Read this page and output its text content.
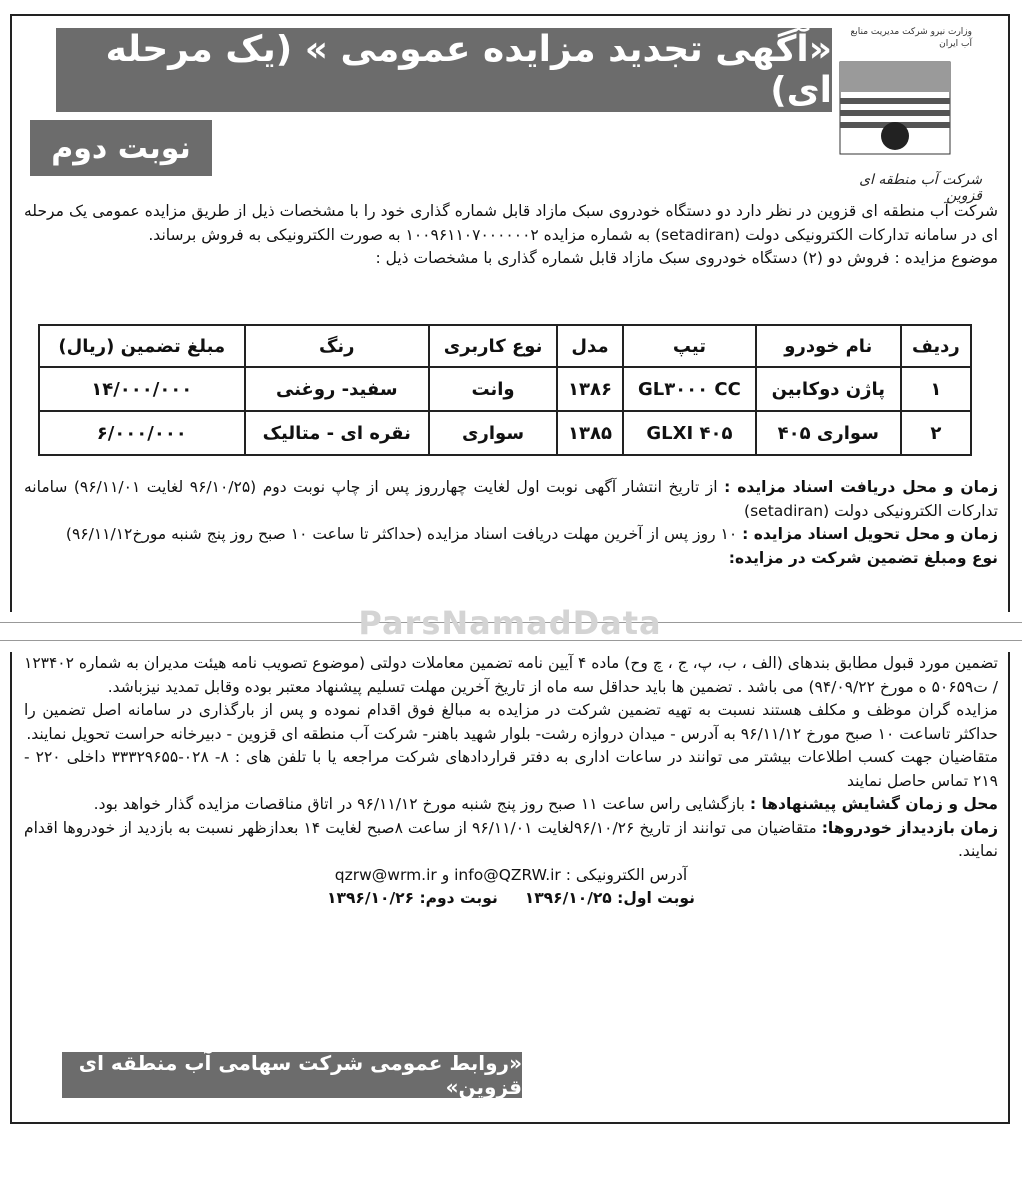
«آگهی تجدید مزایده عمومی » (یک مرحله ای)
وزارت نیرو شرکت مدیریت منابع آب ایران
شرکت آب منطقه ای قزوین
نوبت دوم
شرکت آب منطقه ای قزوین در نظر دارد دو دستگاه خودروی سبک مازاد قابل شماره گذاری خود را با مشخصات ذیل از طریق مزایده عمومی یک مرحله ای در سامانه تدارکات الکترونیکی دولت (setadiran) به شماره مزایده ۱۰۰۹۶۱۱۰۷۰۰۰۰۰۰۲ به صورت الکترونیکی به فروش برساند.
موضوع مزایده : فروش دو (۲) دستگاه خودروی سبک مازاد قابل شماره گذاری با مشخصات ذیل :
ردیف	نام خودرو	تیپ	مدل	نوع کاربری	رنگ	مبلغ تضمین (ریال)
۱	پاژن دوکابین	GL۳۰۰۰ CC	۱۳۸۶	وانت	سفید- روغنی	۱۴/۰۰۰/۰۰۰
۲	سواری ۴۰۵	۴۰۵ GLXI	۱۳۸۵	سواری	نقره ای - متالیک	۶/۰۰۰/۰۰۰
زمان و محل دریافت اسناد مزایده : از تاریخ انتشار آگهی نوبت اول لغایت چهارروز پس از چاپ نوبت دوم (۹۶/۱۰/۲۵ لغایت ۹۶/۱۱/۰۱) سامانه تدارکات الکترونیکی دولت (setadiran)
زمان و محل تحویل اسناد مزایده : ۱۰ روز پس از آخرین مهلت دریافت اسناد مزایده (حداکثر تا ساعت ۱۰ صبح روز پنج شنبه مورخ۹۶/۱۱/۱۲)
نوع ومبلغ تضمین شرکت در مزایده:
ParsNamadData
تضمین مورد قبول مطابق بندهای (الف ، ب، پ، ج ، چ وح) ماده ۴ آیین نامه تضمین معاملات دولتی (موضوع تصویب نامه هیئت مدیران به شماره ۱۲۳۴۰۲ / ت۵۰۶۵۹ ه مورخ ۹۴/۰۹/۲۲) می باشد . تضمین ها باید حداقل سه ماه از تاریخ آخرین مهلت تسلیم پیشنهاد معتبر بوده وقابل تمدید نیزباشد.
مزایده گران موظف و مکلف هستند نسبت به تهیه تضمین شرکت در مزایده به مبالغ فوق اقدام نموده و پس از بارگذاری در سامانه اصل تضمین را حداکثر تاساعت ۱۰ صبح مورخ ۹۶/۱۱/۱۲ به آدرس - میدان دروازه رشت- بلوار شهید باهنر- شرکت آب منطقه ای قزوین - دبیرخانه حراست تحویل نمایند.
متقاضیان جهت کسب اطلاعات بیشتر می توانند در ساعات اداری به دفتر قراردادهای شرکت مراجعه یا با تلفن های : ۸- ۰۲۸-۳۳۳۲۹۶۵۵ داخلی ۲۲۰ - ۲۱۹ تماس حاصل نمایند
محل و زمان گشایش پیشنهادها : بازگشایی راس ساعت ۱۱ صبح روز پنج شنبه مورخ ۹۶/۱۱/۱۲ در اتاق مناقصات مزایده گذار خواهد بود.
زمان بازدیداز خودروها: متقاضیان می توانند از تاریخ ۹۶/۱۰/۲۶لغایت ۹۶/۱۱/۰۱ از ساعت ۸صبح لغایت ۱۴ بعدازظهر نسبت به بازدید از خودروها اقدام نمایند.
آدرس الکترونیکی : info@QZRW.ir و qzrw@wrm.ir
نوبت اول: ۱۳۹۶/۱۰/۲۵     نوبت دوم: ۱۳۹۶/۱۰/۲۶
«روابط عمومی شرکت سهامی آب منطقه ای قزوین»
